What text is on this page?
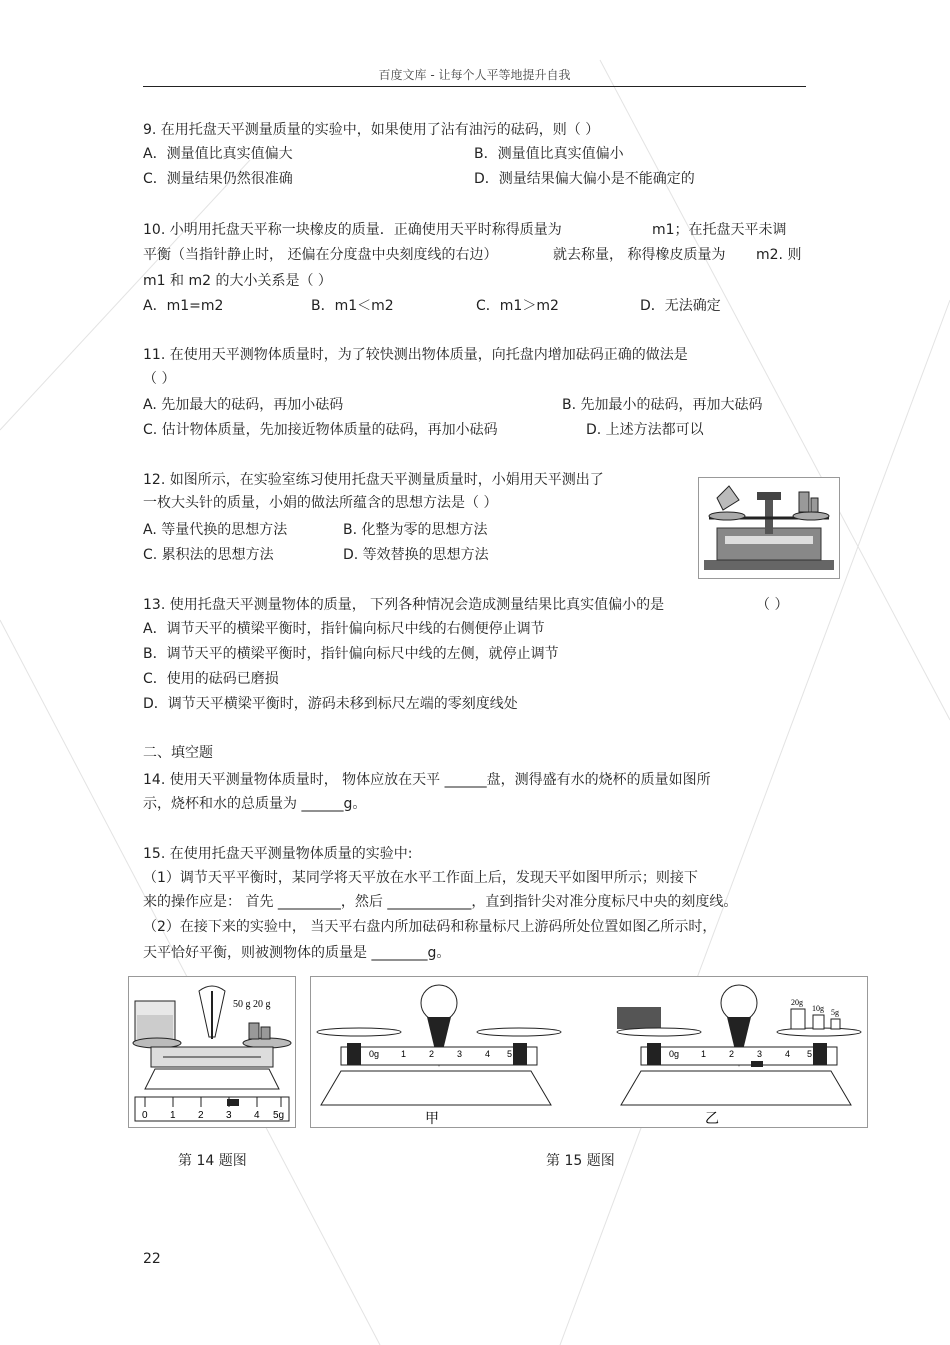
百度文库 - 让每个人平等地提升自我
9. 在用托盘天平测量质量的实验中，如果使用了沾有油污的砝码，则（ ）
A．测量值比真实值偏大	B．测量值比真实值偏小
C．测量结果仍然很准确	D．测量结果偏大偏小是不能确定的
10. 小明用托盘天平称一块橡皮的质量．正确使用天平时称得质量为	m1；在托盘天平未调
平衡（当指针静止时， 还偏在分度盘中央刻度线的右边）	就去称量， 称得橡皮质量为 m2. 则
m1 和 m2 的大小关系是（ ）
A．m1=m2	B．m1＜m2	C．m1＞m2	D．无法确定
11. 在使用天平测物体质量时，为了较快测出物体质量，向托盘内增加砝码正确的做法是
（ ）
A. 先加最大的砝码，再加小砝码	B. 先加最小的砝码，再加大砝码
C. 估计物体质量，先加接近物体质量的砝码，再加小砝码	D. 上述方法都可以
12. 如图所示，在实验室练习使用托盘天平测量质量时，小娟用天平测出了
一枚大头针的质量，小娟的做法所蕴含的思想方法是（ ）
A. 等量代换的思想方法	B. 化整为零的思想方法
C. 累积法的思想方法	D. 等效替换的思想方法
13. 使用托盘天平测量物体的质量， 下列各种情况会造成测量结果比真实值偏小的是	（ ）
A．调节天平的横梁平衡时，指针偏向标尺中线的右侧便停止调节
B．调节天平的横梁平衡时，指针偏向标尺中线的左侧，就停止调节
C．使用的砝码已磨损
D．调节天平横梁平衡时，游码未移到标尺左端的零刻度线处
二、填空题
14. 使用天平测量物体质量时， 物体应放在天平 ______盘，测得盛有水的烧杯的质量如图所
示，烧杯和水的总质量为 ______g。
15. 在使用托盘天平测量物体质量的实验中:
（1）调节天平平衡时，某同学将天平放在水平工作面上后，发现天平如图甲所示；则接下
来的操作应是： 首先 _________，然后 ____________，直到指针尖对准分度标尺中央的刻度线。
（2）在接下来的实验中， 当天平右盘内所加砝码和称量标尺上游码所处位置如图乙所示时，
天平恰好平衡，则被测物体的质量是 ________g。
50 g 20 g
0 1 2 3 4 5g
0g 1	2	3	4 5
甲
20g
10g 5g
0g 1	2	3	4 5
乙
第 14 题图	第 15 题图
22
